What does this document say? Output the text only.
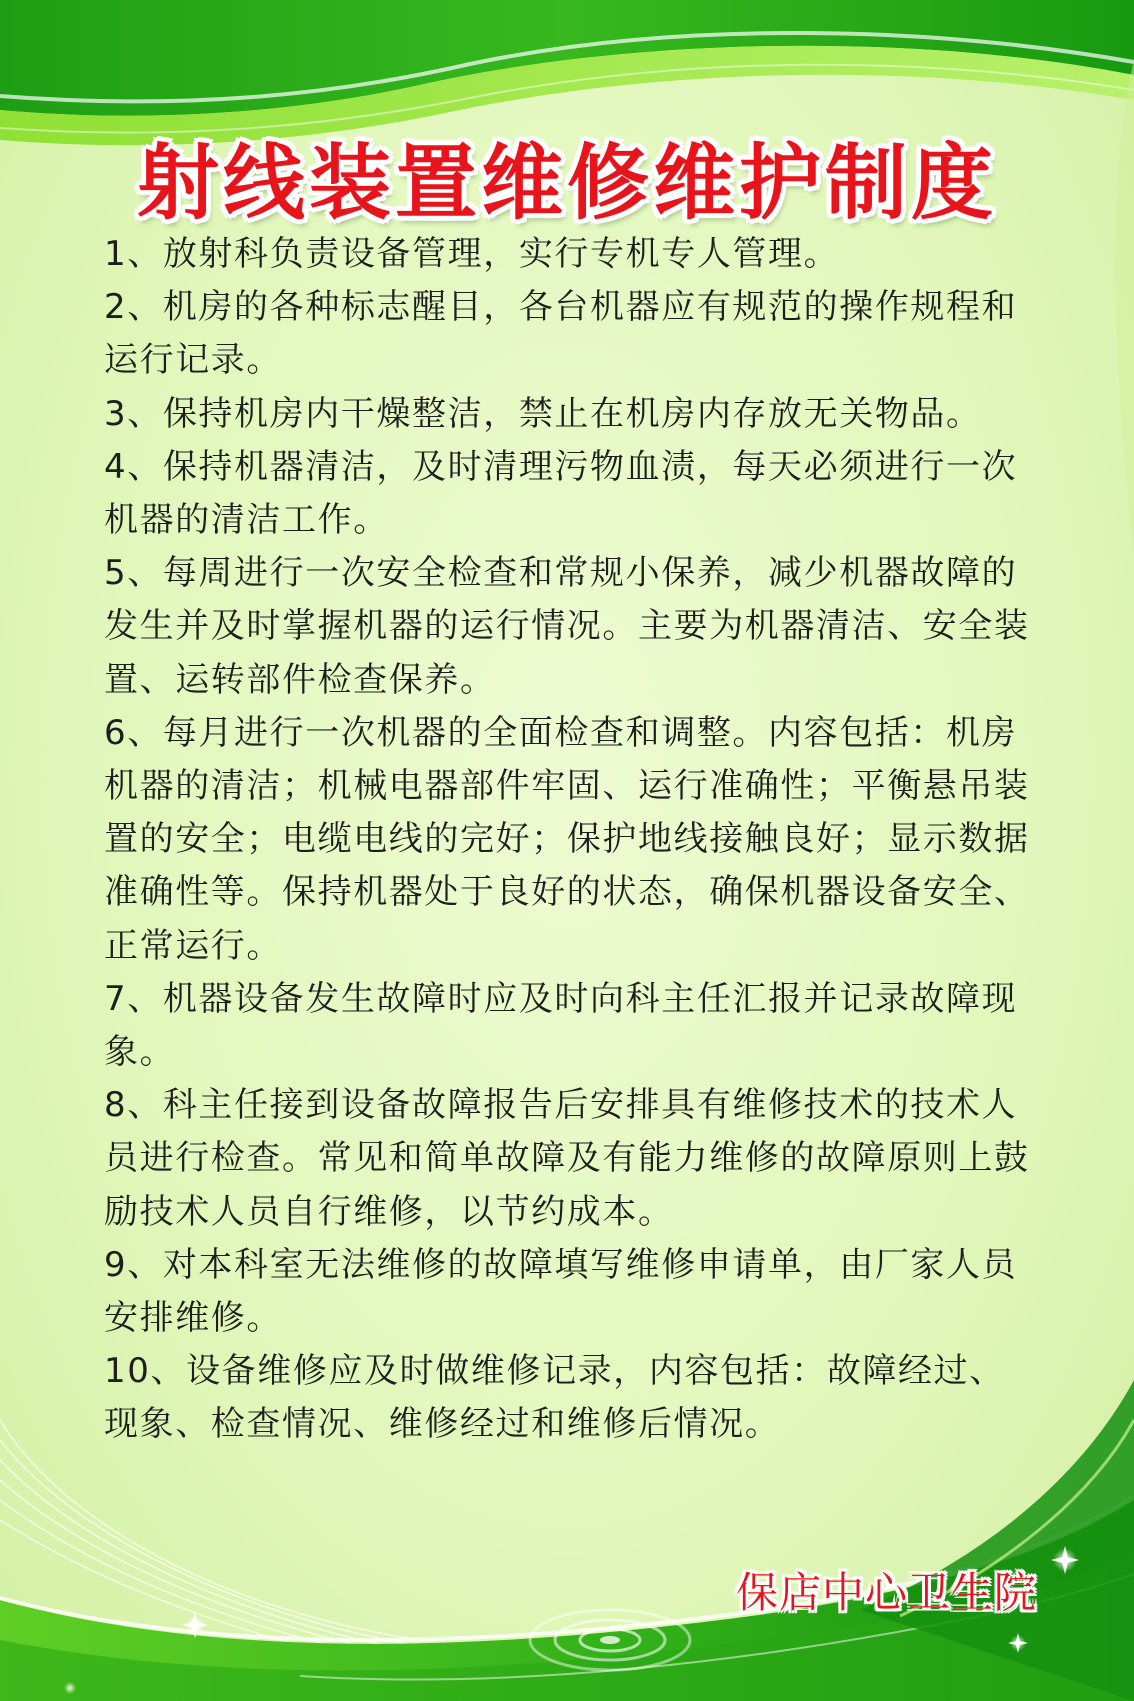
射线装置维修维护制度

1、放射科负责设备管理，实行专机专人管理。

2、机房的各种标志醒目，各台机器应有规范的操作规程和运行记录。

3、保持机房内干燥整洁，禁止在机房内存放无关物品。

4、保持机器清洁，及时清理污物血渍，每天必须进行一次机器的清洁工作。

5、每周进行一次安全检查和常规小保养，减少机器故障的发生并及时掌握机器的运行情况。主要为机器清洁、安全装置、运转部件检查保养。

6、每月进行一次机器的全面检查和调整。内容包括：机房机器的清洁；机械电器部件牢固、运行准确性；平衡悬吊装置的安全；电缆电线的完好；保护地线接触良好；显示数据准确性等。保持机器处于良好的状态，确保机器设备安全、正常运行。

7、机器设备发生故障时应及时向科主任汇报并记录故障现象。

8、科主任接到设备故障报告后安排具有维修技术的技术人员进行检查。常见和简单故障及有能力维修的故障原则上鼓励技术人员自行维修，以节约成本。

9、对本科室无法维修的故障填写维修申请单，由厂家人员安排维修。

10、设备维修应及时做维修记录，内容包括：故障经过、现象、检查情况、维修经过和维修后情况。

保店中心卫生院
